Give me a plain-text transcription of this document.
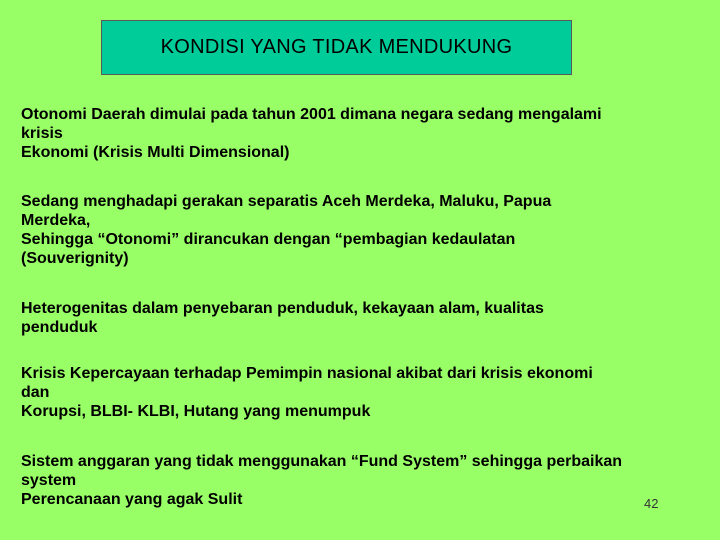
KONDISI YANG TIDAK MENDUKUNG

Otonomi Daerah dimulai pada tahun 2001 dimana negara sedang mengalami
krisis
Ekonomi (Krisis Multi Dimensional)

Sedang menghadapi gerakan separatis Aceh Merdeka, Maluku, Papua
Merdeka,
Sehingga “Otonomi” dirancukan dengan “pembagian kedaulatan
(Souverignity)

Heterogenitas dalam penyebaran penduduk, kekayaan alam, kualitas
penduduk

Krisis Kepercayaan terhadap Pemimpin nasional akibat dari krisis ekonomi
dan
Korupsi, BLBI- KLBI, Hutang yang menumpuk

Sistem anggaran yang tidak menggunakan “Fund System” sehingga perbaikan
system
Perencanaan yang agak Sulit	42
